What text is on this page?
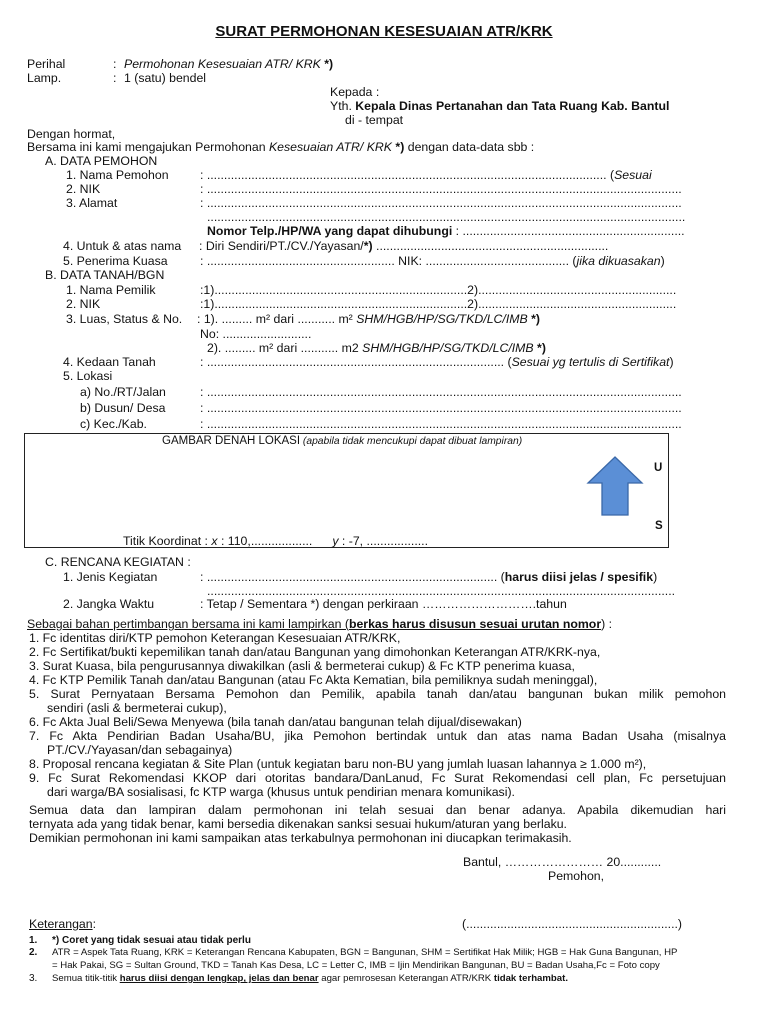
SURAT PERMOHONAN KESESUAIAN ATR/KRK
Perihal	: Permohonan Kesesuaian ATR/ KRK *)
Lamp.	: 1 (satu) bendel
Kepada :
Yth. Kepala Dinas Pertanahan dan Tata Ruang Kab. Bantul
di - tempat
Dengan hormat,
Bersama ini kami mengajukan Permohonan Kesesuaian ATR/ KRK *) dengan data-data sbb :
A. DATA PEMOHON
1. Nama Pemohon	: ..................................................................................................................... (Sesuai
2. NIK	: ...........................................................................................................................................
3. Alamat	: ...........................................................................................................................................
............................................................................................................................................
Nomor Telp./HP/WA yang dapat dihubungi : .................................................................
4. Untuk & atas nama : Diri Sendiri/PT./CV./Yayasan/*) ....................................................................
5. Penerima Kuasa	: ....................................................... NIK: .......................................... (jika dikuasakan)
B. DATA TANAH/BGN
1. Nama Pemilik	:1)..........................................................................2)..........................................................
2. NIK	:1)..........................................................................2)..........................................................
3. Luas, Status & No. : 1). ......... m² dari ........... m² SHM/HGB/HP/SG/TKD/LC/IMB *)
No: ..........................
2). ......... m² dari ........... m2 SHM/HGB/HP/SG/TKD/LC/IMB *)
4. Kedaan Tanah	: ....................................................................................... (Sesuai yg tertulis di Sertifikat)
5. Lokasi
a) No./RT/Jalan	: ...........................................................................................................................................
b) Dusun/ Desa	: ...........................................................................................................................................
c) Kec./Kab.	: ...........................................................................................................................................
GAMBAR DENAH LOKASI (apabila tidak mencukupi dapat dibuat lampiran)
U
S
Titik Koordinat : x : 110,.................. y : -7, ..................
C. RENCANA KEGIATAN :
1. Jenis Kegiatan	: ..................................................................................... (harus diisi jelas / spesifik)
.........................................................................................................................................
2. Jangka Waktu	: Tetap / Sementara *) dengan perkiraan ……………………….tahun
Sebagai bahan pertimbangan bersama ini kami lampirkan (berkas harus disusun sesuai urutan nomor) :
1. Fc identitas diri/KTP pemohon Keterangan Kesesuaian ATR/KRK,
2. Fc Sertifikat/bukti kepemilikan tanah dan/atau Bangunan yang dimohonkan Keterangan ATR/KRK-nya,
3. Surat Kuasa, bila pengurusannya diwakilkan (asli & bermeterai cukup) & Fc KTP penerima kuasa,
4. Fc KTP Pemilik Tanah dan/atau Bangunan (atau Fc Akta Kematian, bila pemiliknya sudah meninggal),
5. Surat Pernyataan Bersama Pemohon dan Pemilik, apabila tanah dan/atau bangunan bukan milik pemohon
sendiri (asli & bermeterai cukup),
6. Fc Akta Jual Beli/Sewa Menyewa (bila tanah dan/atau bangunan telah dijual/disewakan)
7. Fc Akta Pendirian Badan Usaha/BU, jika Pemohon bertindak untuk dan atas nama Badan Usaha (misalnya
PT./CV./Yayasan/dan sebagainya)
8. Proposal rencana kegiatan & Site Plan (untuk kegiatan baru non-BU yang jumlah luasan lahannya ≥ 1.000 m²),
9. Fc Surat Rekomendasi KKOP dari otoritas bandara/DanLanud, Fc Surat Rekomendasi cell plan, Fc persetujuan
dari warga/BA sosialisasi, fc KTP warga (khusus untuk pendirian menara komunikasi).
Semua data dan lampiran dalam permohonan ini telah sesuai dan benar adanya. Apabila dikemudian hari
ternyata ada yang tidak benar, kami bersedia dikenakan sanksi sesuai hukum/aturan yang berlaku.
Demikian permohonan ini kami sampaikan atas terkabulnya permohonan ini diucapkan terimakasih.
Bantul, …………………… 20............
Pemohon,
Keterangan:	(..............................................................)
1. *) Coret yang tidak sesuai atau tidak perlu
2. ATR = Aspek Tata Ruang, KRK = Keterangan Rencana Kabupaten, BGN = Bangunan, SHM = Sertifikat Hak Milik; HGB = Hak Guna Bangunan, HP
= Hak Pakai, SG = Sultan Ground, TKD = Tanah Kas Desa, LC = Letter C, IMB = Ijin Mendirikan Bangunan, BU = Badan Usaha,Fc = Foto copy
3. Semua titik-titik harus diisi dengan lengkap, jelas dan benar agar pemrosesan Keterangan ATR/KRK tidak terhambat.
